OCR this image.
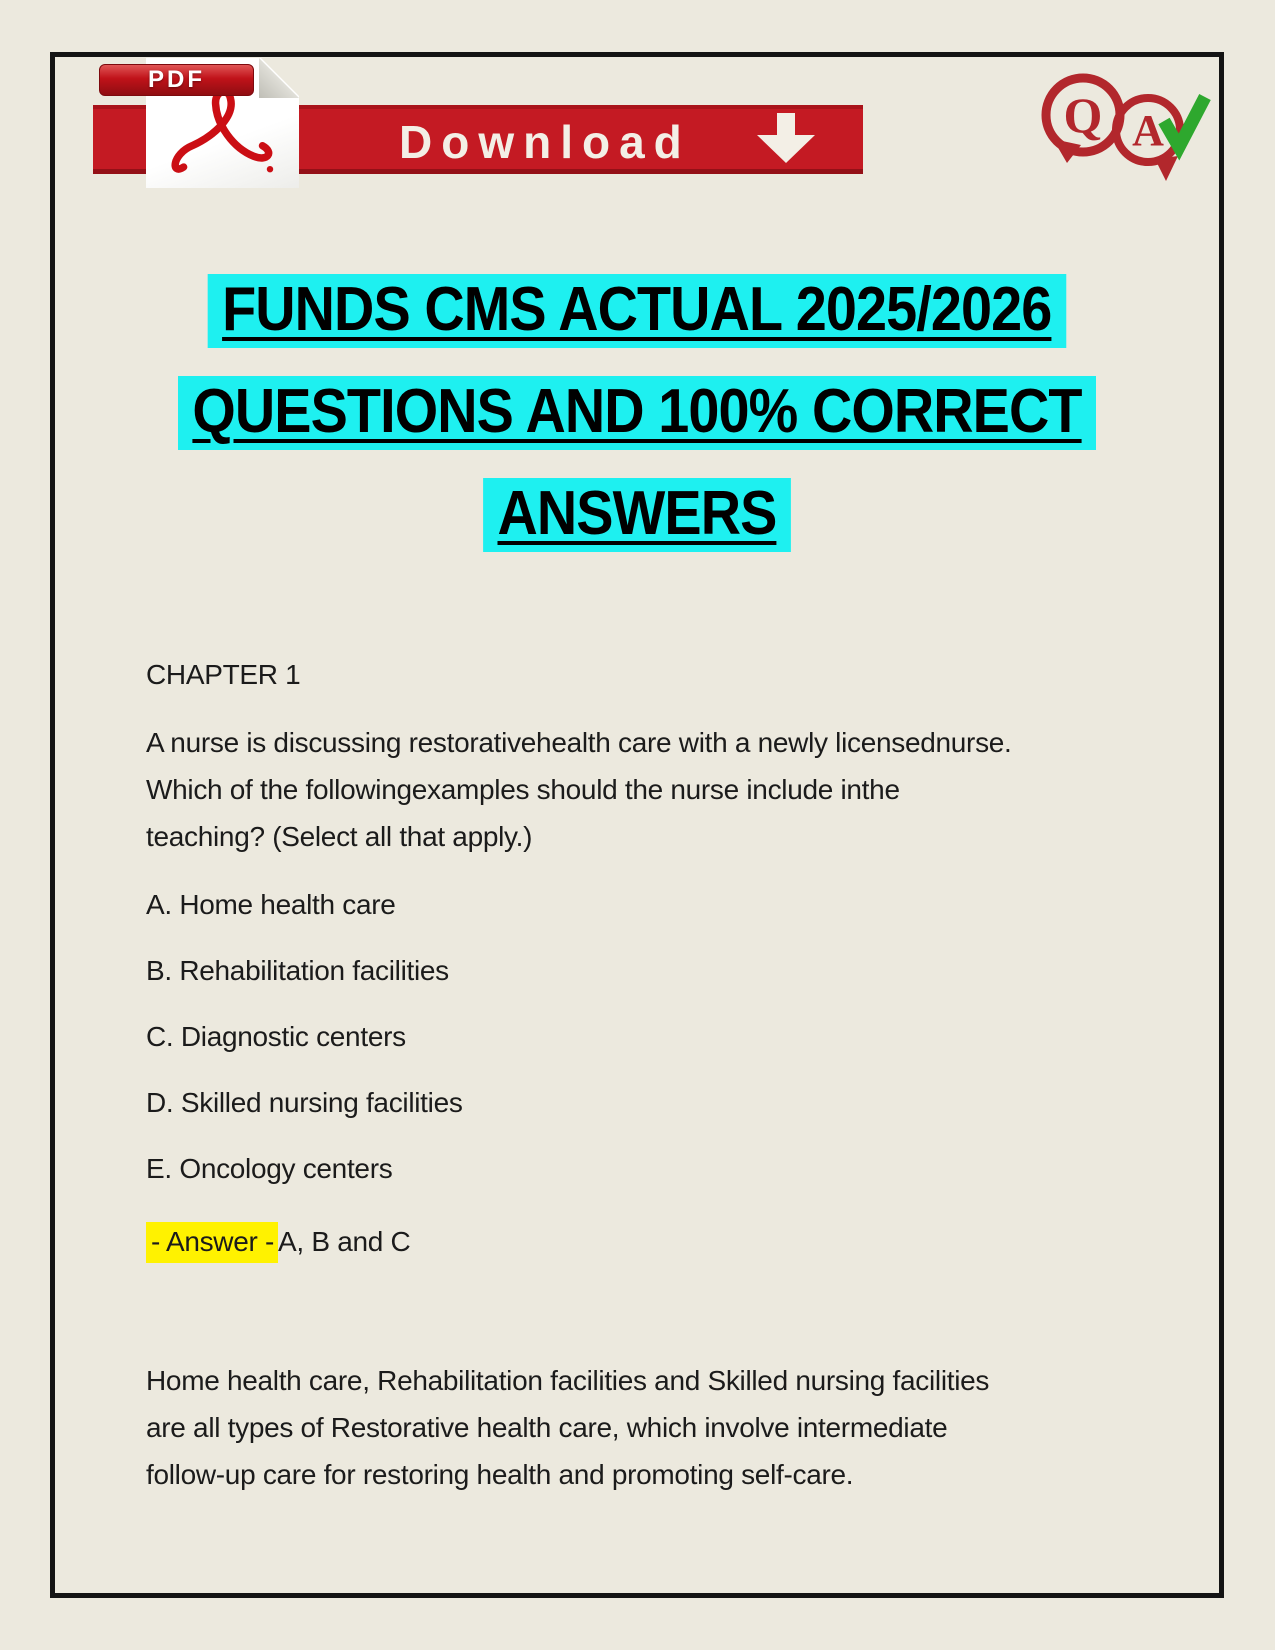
Download
PDF
Q A
FUNDS CMS ACTUAL 2025/2026
QUESTIONS AND 100% CORRECT
ANSWERS
CHAPTER 1
A nurse is discussing restorativehealth care with a newly licensednurse.
Which of the followingexamples should the nurse include inthe
teaching? (Select all that apply.)
A. Home health care
B. Rehabilitation facilities
C. Diagnostic centers
D. Skilled nursing facilities
E. Oncology centers
- Answer - A, B and C
Home health care, Rehabilitation facilities and Skilled nursing facilities
are all types of Restorative health care, which involve intermediate
follow-up care for restoring health and promoting self-care.
